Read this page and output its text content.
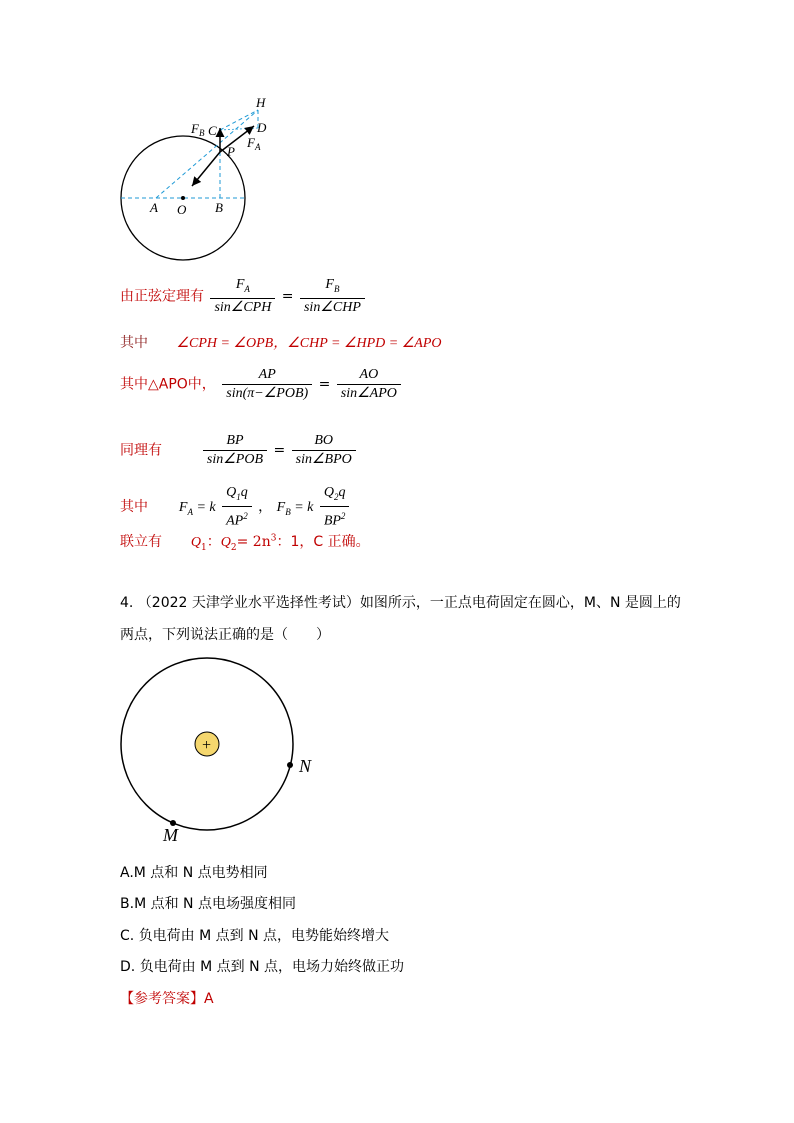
H
D
C
$F_B$
$F_A$
P
A O B
由正弦定理有 $\frac{F_A}{\text{sin∠CPH}} = \frac{F_B}{\text{sin∠CHP}}$
其中 ∠CPH = ∠OPB，∠CHP = ∠HPD = ∠APO
其中△APO中， $\frac{AP}{\text{sin(π−∠POB)}} = \frac{AO}{\text{sin∠APO}}$
同理有	$\frac{BP}{\text{sin∠POB}} = \frac{BO}{\text{sin∠BPO}}$
其中 $F_A = k \frac{Q_1q}{AP^2}$ ， $F_B = k \frac{Q_2q}{BP^2}$
联立有 $Q_1$：$Q_2= 2n^3$：1，C 正确。
4. （2022 天津学业水平选择性考试）如图所示，一正点电荷固定在圆心，M、N 是圆上的
两点，下列说法正确的是（　　）
+
N
M
A.M 点和 N 点电势相同
B.M 点和 N 点电场强度相同
C. 负电荷由 M 点到 N 点，电势能始终增大
D. 负电荷由 M 点到 N 点，电场力始终做正功
【参考答案】A
